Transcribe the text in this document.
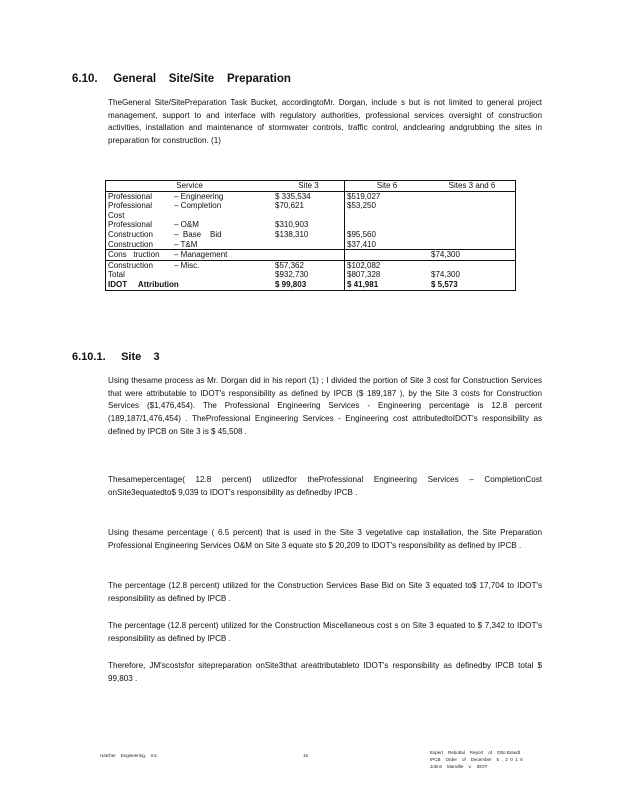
6.10. General    Site/Site    Preparation
TheGeneral Site/SitePreparation Task Bucket, accordingtoMr. Dorgan, include s but is not limited to general project management, support to and interface with regulatory authorities, professional services oversight of construction activities, installation and maintenance of stormwater controls, traffic control, andclearing andgrubbing the sites in preparation for construction. (1)
Service	Site 3	Site 6	Sites 3 and 6
Professional – Engineering	$ 335,534	$519,027	
Professional – Completion	$70,621	$53,250	
Cost			
Professional – O&M	$310,903		
Construction –  Base    Bid	$138,310	$95,560	
Construction – T&M		$37,410	
Cons   truction – Management			$74,300
Construction – Misc.	$57,362	$102,082	
Total	$932,730	$807,328	$74,300
IDOT     Attribution	$ 99,803	$ 41,981	$ 5,573
6.10.1. Site    3
Using thesame process as Mr. Dorgan did in his report (1) ; I divided the portion of Site 3 cost for Construction Services that were attributable to IDOT's responsibility as defined by IPCB ($ 189,187 ), by the Site 3 costs for Construction Services ($1,476,454). The Professional Engineering Services - Engineering percentage is 12.8 percent (189,187/1,476,454) . TheProfessional Engineering Services - Engineering cost attributedtoIDOT's responsibility as defined by IPCB on Site 3 is $ 45,508 .
Thesamepercentage( 12.8 percent) utilizedfor theProfessional Engineering Services – CompletionCost onSite3equatedto$ 9,039 to IDOT's responsibility as definedby IPCB .
Using thesame percentage ( 6.5 percent) that is used in the Site 3 vegetative cap installation, the Site Preparation Professional Engineering Services O&M on Site 3 equate sto $ 20,209 to IDOT's responsibility as defined by IPCB .
The percentage (12.8 percent) utilized for the Construction Services Base Bid on Site 3 equated to$ 17,704 to IDOT's responsibility as defined by IPCB .
The percentage (12.8 percent) utilized for the Construction Miscellaneous cost s on Site 3 equated to $ 7,342 to IDOT's responsibility as defined by IPCB .
Therefore, JM'scostsfor sitepreparation onSite3that areattributableto IDOT's responsibility as definedby IPCB total $ 99,803 .
Hatcher    Engineering,    Inc.	16
Expert    Rebuttal    Report    of    Otto Brandt
IPCB    Order    of    December    5  ,  2  0  1  6
Johns    Manville    v.    IDOT
